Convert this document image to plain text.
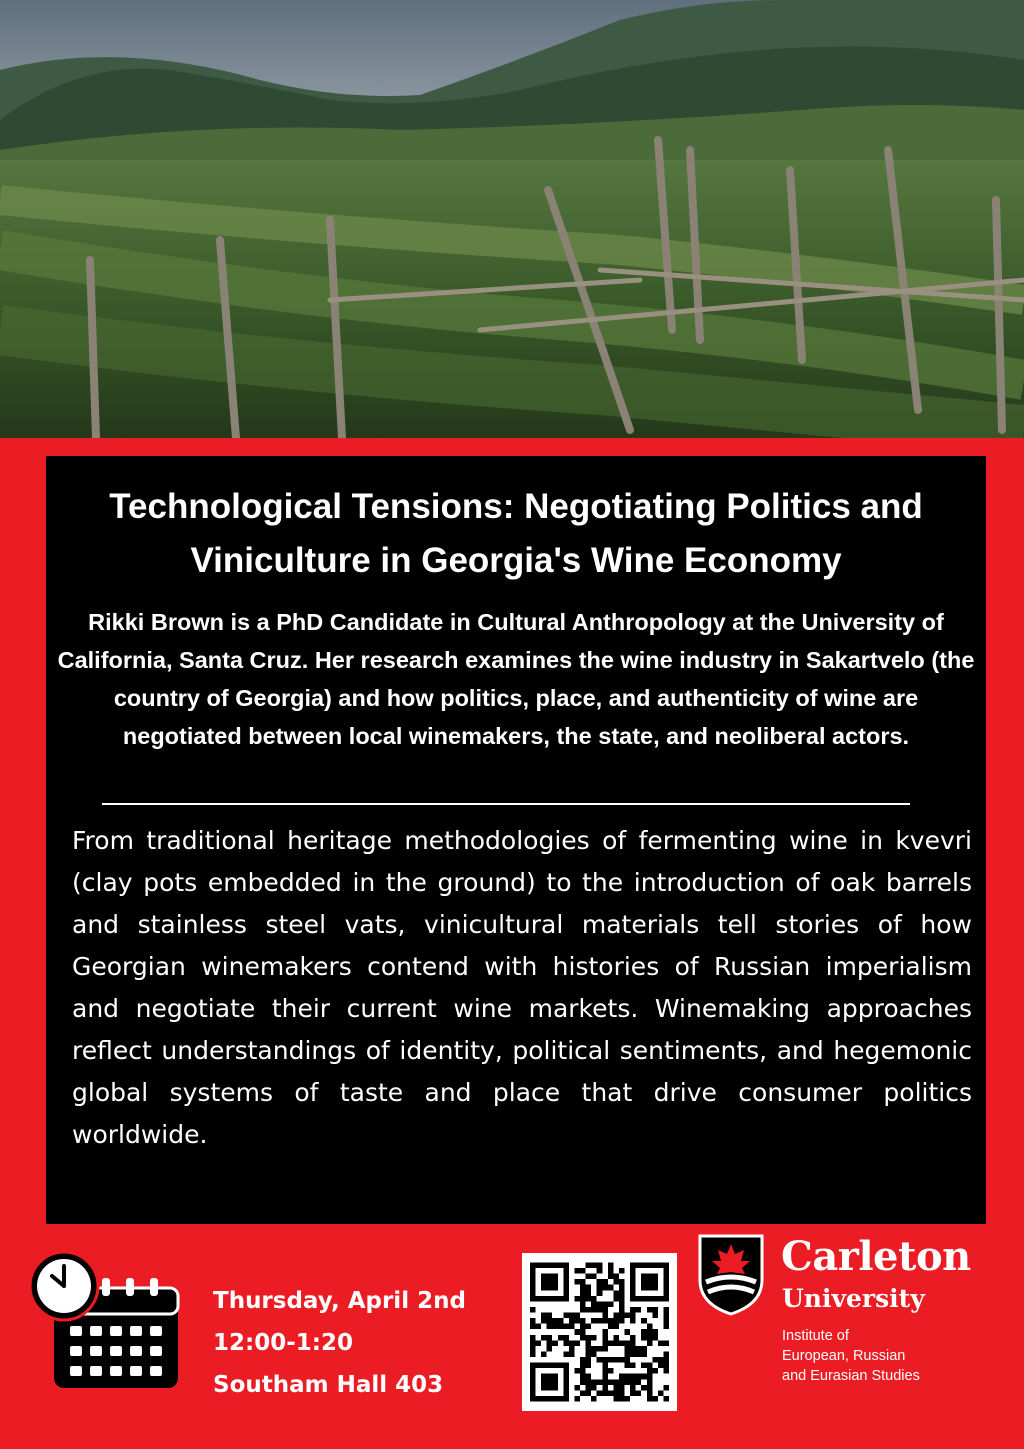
Technological Tensions: Negotiating Politics and Viniculture in Georgia's Wine Economy
Rikki Brown is a PhD Candidate in Cultural Anthropology at the University of California, Santa Cruz. Her research examines the wine industry in Sakartvelo (the country of Georgia) and how politics, place, and authenticity of wine are negotiated between local winemakers, the state, and neoliberal actors.
From traditional heritage methodologies of fermenting wine in kvevri (clay pots embedded in the ground) to the introduction of oak barrels and stainless steel vats, vinicultural materials tell stories of how Georgian winemakers contend with histories of Russian imperialism and negotiate their current wine markets. Winemaking approaches reflect understandings of identity, political sentiments, and hegemonic global systems of taste and place that drive consumer politics worldwide.
Thursday, April 2nd
12:00-1:20
Southam Hall 403
Carleton
University
Institute of
European, Russian
and Eurasian Studies
